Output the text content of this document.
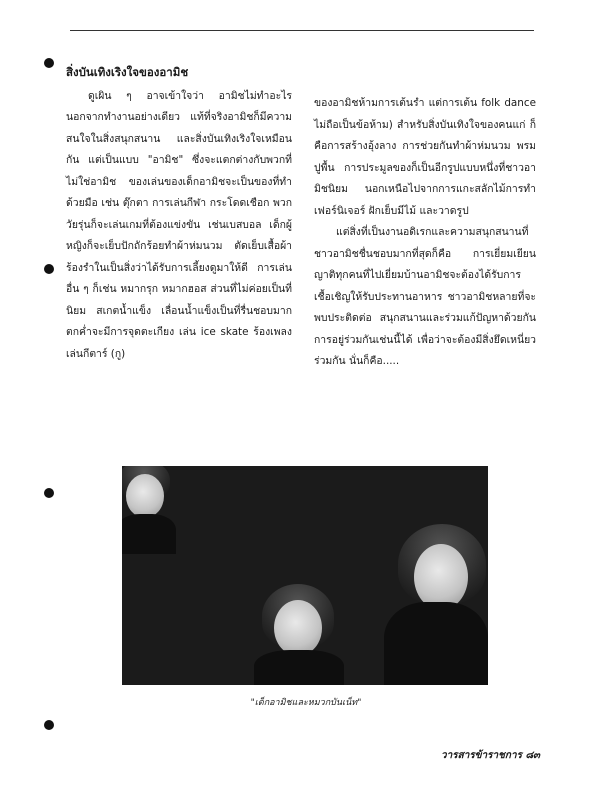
สิ่งบันเทิงเริงใจของอามิช

ดูเผิน ๆ อาจเข้าใจว่า อามิชไม่ทำอะไรนอกจากทำงานอย่างเดียว แท้ที่จริงอามิชก็มีความสนใจในสิ่งสนุกสนาน และสิ่งบันเทิงเริงใจเหมือนกัน แต่เป็นแบบ "อามิช" ซึ่งจะแตกต่างกับพวกที่ไม่ใช่อามิช ของเล่นของเด็กอามิชจะเป็นของที่ทำด้วยมือ เช่น ตุ๊กตา การเล่นกีฬา กระโดดเชือก พวกวัยรุ่นก็จะเล่นเกมที่ต้องแข่งขัน เช่นเบสบอล เด็กผู้หญิงก็จะเย็บปักถักร้อยทำผ้าห่มนวม ตัดเย็บเสื้อผ้า ร้องรำในเป็นสิ่งว่าได้รับการเลี้ยงดูมาให้ดี การเล่นอื่น ๆ ก็เช่น หมากรุก หมากฮอส ส่วนที่ไม่ค่อยเป็นที่นิยม สเกตน้ำแข็ง เลื่อนน้ำแข็งเป็นที่รื่นชอบมาก ตกค่ำจะมีการจุดตะเกียง เล่น ice skate ร้องเพลง เล่นกีตาร์ (กู)

ของอามิชห้ามการเต้นรำ แต่การเต้น folk dance ไม่ถือเป็นข้อห้าม) สำหรับสิ่งบันเทิงใจของคนแก่ ก็คือการสร้างอุ้งลาง การช่วยกันทำผ้าห่มนวม พรมปูพื้น การประมูลของก็เป็นอีกรูปแบบหนึ่งที่ชาวอามิชนิยม นอกเหนือไปจากการแกะสลักไม้การทำเฟอร์นิเจอร์ ฝักเย็บมีไม้ และวาดรูป

แต่สิ่งที่เป็นงานอดิเรกและความสนุกสนานที่ชาวอามิชชื่นชอบมากที่สุดก็คือ การเยี่ยมเยียนญาติทุกคนที่ไปเยี่ยมบ้านอามิชจะต้องได้รับการเชื้อเชิญให้รับประทานอาหาร ชาวอามิชหลายที่จะพบประติดต่อ สนุกสนานและร่วมแก้ปัญหาด้วยกัน การอยู่ร่วมกันเช่นนี้ได้ เพื่อว่าจะต้องมีสิ่งยึดเหนี่ยวร่วมกัน นั่นก็คือ.....

"เด็กอามิชและหมวกบันเน็ท"
วารสารข้าราชการ ๘๓
